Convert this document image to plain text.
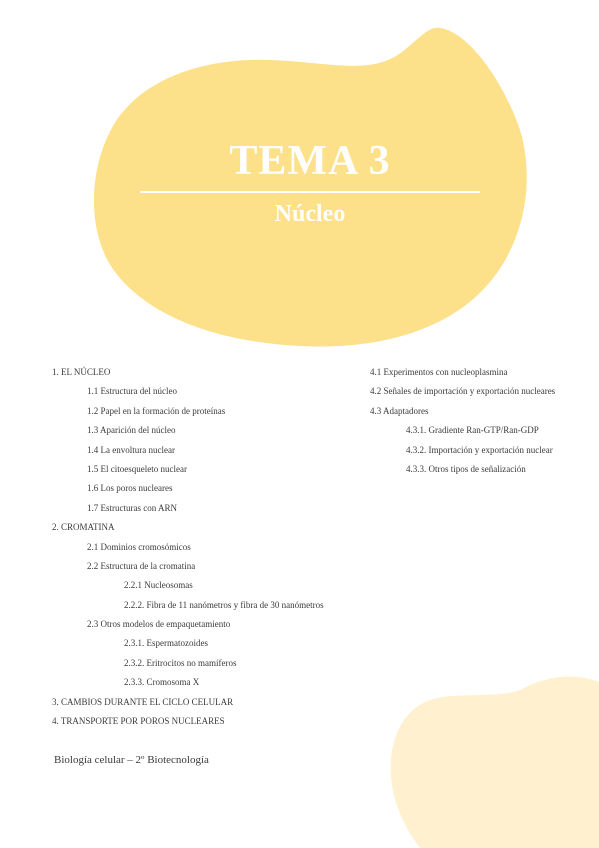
TEMA 3
Núcleo
1. EL NÚCLEO
1.1 Estructura del núcleo
1.2 Papel en la formación de proteínas
1.3 Aparición del núcleo
1.4 La envoltura nuclear
1.5 El citoesqueleto nuclear
1.6 Los poros nucleares
1.7 Estructuras con ARN
2. CROMATINA
2.1 Dominios cromosómicos
2.2 Estructura de la cromatina
2.2.1 Nucleosomas
2.2.2. Fibra de 11 nanómetros y fibra de 30 nanómetros
2.3 Otros modelos de empaquetamiento
2.3.1. Espermatozoides
2.3.2. Eritrocitos no mamíferos
2.3.3. Cromosoma X
3. CAMBIOS DURANTE EL CICLO CELULAR
4. TRANSPORTE POR POROS NUCLEARES
4.1 Experimentos con nucleoplasmina
4.2 Señales de importación y exportación nucleares
4.3 Adaptadores
4.3.1. Gradiente Ran-GTP/Ran-GDP
4.3.2. Importación y exportación nuclear
4.3.3. Otros tipos de señalización
Biología celular – 2º Biotecnología
